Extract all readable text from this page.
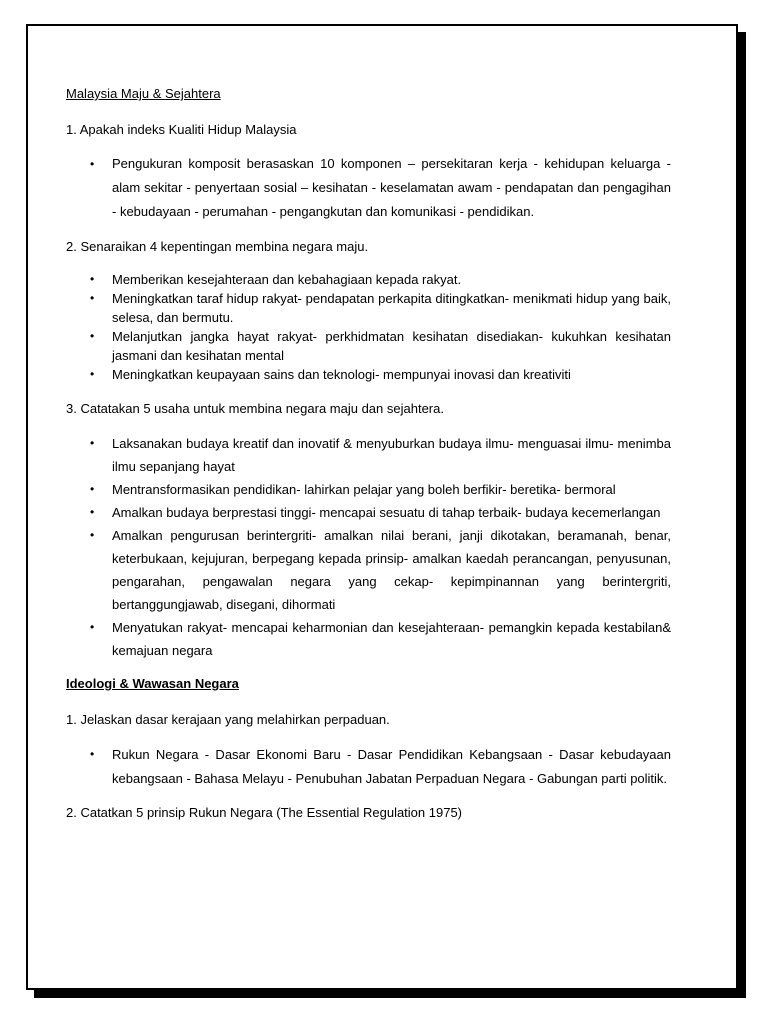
Malaysia Maju & Sejahtera

1. Apakah indeks Kualiti Hidup Malaysia

• Pengukuran komposit berasaskan 10 komponen – persekitaran kerja - kehidupan keluarga - alam sekitar - penyertaan sosial – kesihatan - keselamatan awam - pendapatan dan pengagihan - kebudayaan - perumahan - pengangkutan dan komunikasi - pendidikan.

2. Senaraikan 4 kepentingan membina negara maju.

• Memberikan kesejahteraan dan kebahagiaan kepada rakyat.
• Meningkatkan taraf hidup rakyat- pendapatan perkapita ditingkatkan- menikmati hidup yang baik, selesa, dan bermutu.
• Melanjutkan jangka hayat rakyat- perkhidmatan kesihatan disediakan- kukuhkan kesihatan jasmani dan kesihatan mental
• Meningkatkan keupayaan sains dan teknologi- mempunyai inovasi dan kreativiti

3. Catatakan 5 usaha untuk membina negara maju dan sejahtera.

• Laksanakan budaya kreatif dan inovatif & menyuburkan budaya ilmu- menguasai ilmu- menimba ilmu sepanjang hayat
• Mentransformasikan pendidikan- lahirkan pelajar yang boleh berfikir- beretika- bermoral
• Amalkan budaya berprestasi tinggi- mencapai sesuatu di tahap terbaik- budaya kecemerlangan
• Amalkan pengurusan berintergriti- amalkan nilai berani, janji dikotakan, beramanah, benar, keterbukaan, kejujuran, berpegang kepada prinsip- amalkan kaedah perancangan, penyusunan, pengarahan, pengawalan negara yang cekap- kepimpinannan yang berintergriti, bertanggungjawab, disegani, dihormati
• Menyatukan rakyat- mencapai keharmonian dan kesejahteraan- pemangkin kepada kestabilan& kemajuan negara

Ideologi & Wawasan Negara

1. Jelaskan dasar kerajaan yang melahirkan perpaduan.

• Rukun Negara - Dasar Ekonomi Baru - Dasar Pendidikan Kebangsaan - Dasar kebudayaan kebangsaan - Bahasa Melayu - Penubuhan Jabatan Perpaduan Negara - Gabungan parti politik.

2. Catatkan 5 prinsip Rukun Negara (The Essential Regulation 1975)
